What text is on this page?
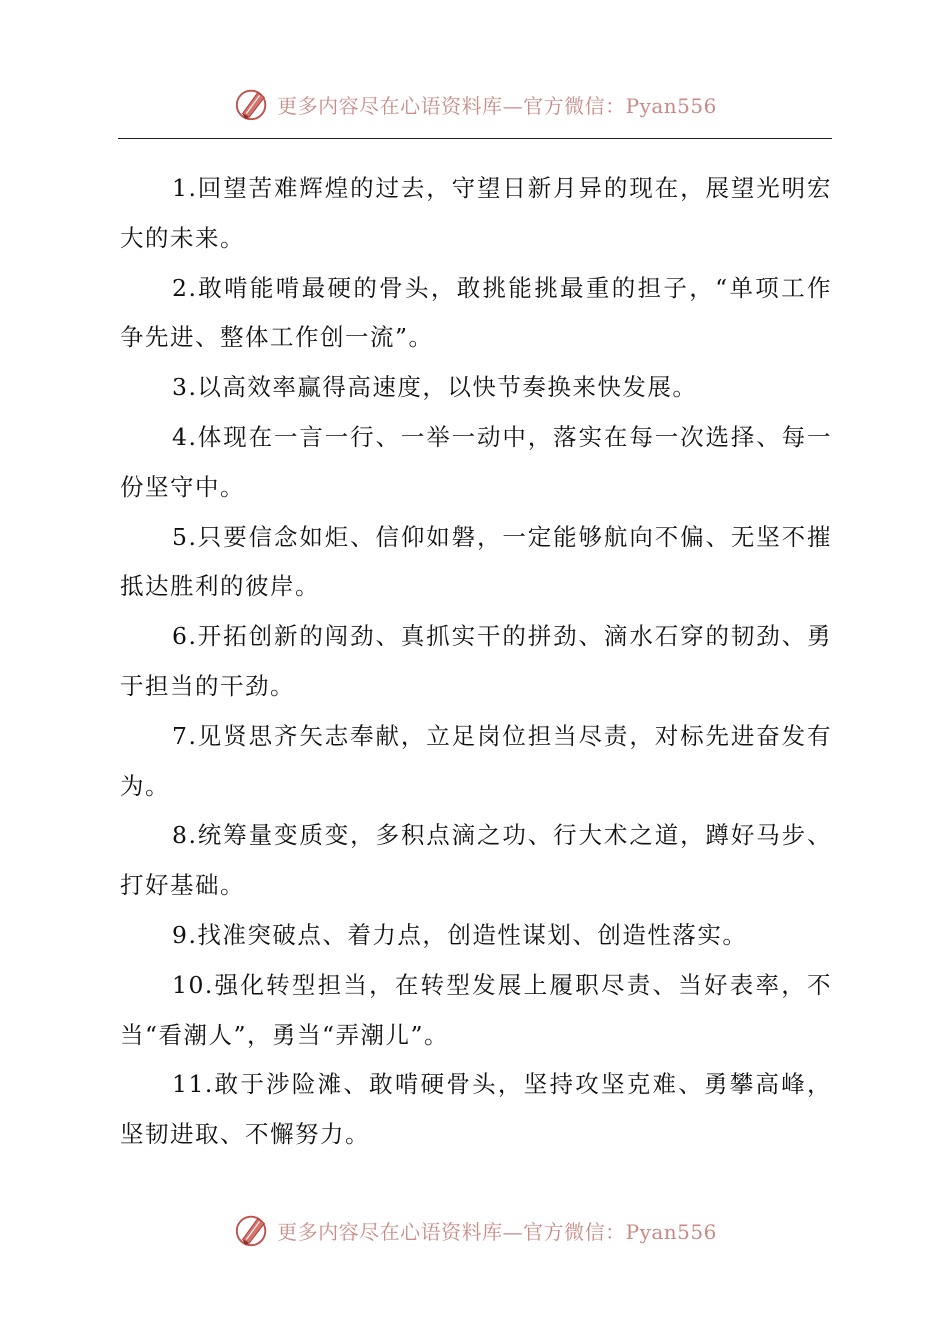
更多内容尽在心语资料库—官方微信：Pyan556

1.回望苦难辉煌的过去，守望日新月异的现在，展望光明宏大的未来。

2.敢啃能啃最硬的骨头，敢挑能挑最重的担子，“单项工作争先进、整体工作创一流”。

3.以高效率赢得高速度，以快节奏换来快发展。

4.体现在一言一行、一举一动中，落实在每一次选择、每一份坚守中。

5.只要信念如炬、信仰如磐，一定能够航向不偏、无坚不摧抵达胜利的彼岸。

6.开拓创新的闯劲、真抓实干的拼劲、滴水石穿的韧劲、勇于担当的干劲。

7.见贤思齐矢志奉献，立足岗位担当尽责，对标先进奋发有为。

8.统筹量变质变，多积点滴之功、行大术之道，蹲好马步、打好基础。

9.找准突破点、着力点，创造性谋划、创造性落实。

10.强化转型担当，在转型发展上履职尽责、当好表率，不当“看潮人”，勇当“弄潮儿”。

11.敢于涉险滩、敢啃硬骨头，坚持攻坚克难、勇攀高峰，坚韧进取、不懈努力。

更多内容尽在心语资料库—官方微信：Pyan556
